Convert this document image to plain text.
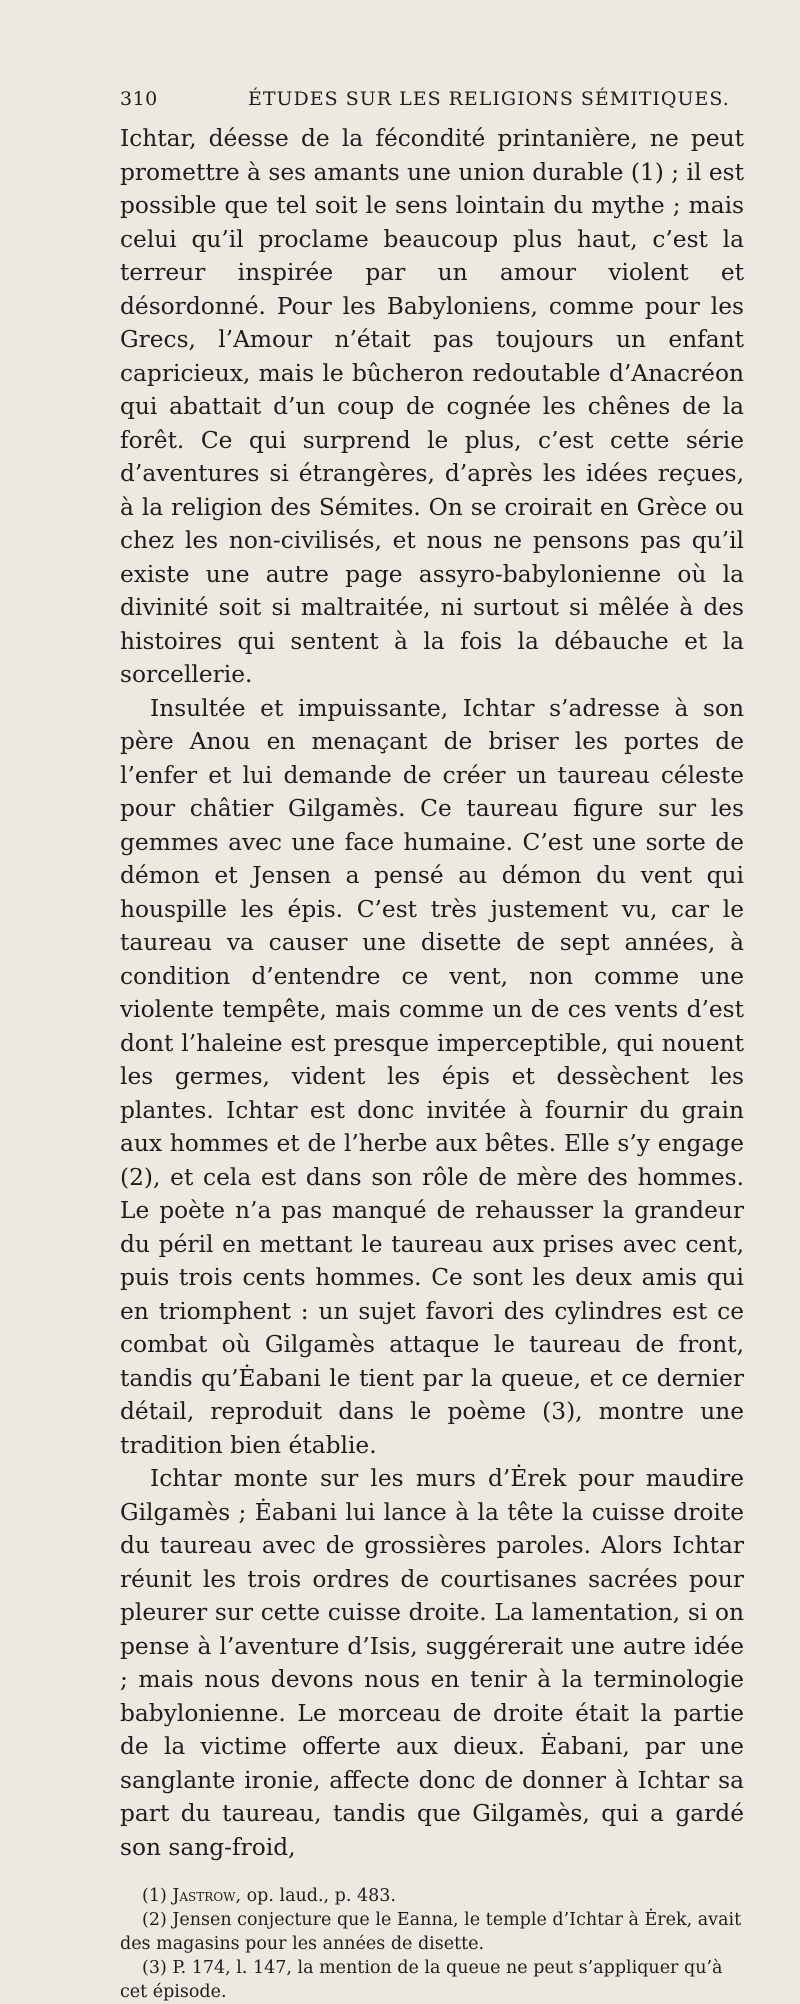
310	ÉTUDES SUR LES RELIGIONS SÉMITIQUES.

Ichtar, déesse de la fécondité printanière, ne peut promettre à ses amants une union durable (1) ; il est possible que tel soit le sens lointain du mythe ; mais celui qu’il proclame beaucoup plus haut, c’est la terreur inspirée par un amour violent et désordonné. Pour les Babyloniens, comme pour les Grecs, l’Amour n’était pas toujours un enfant capricieux, mais le bûcheron redoutable d’Anacréon qui abattait d’un coup de cognée les chênes de la forêt. Ce qui surprend le plus, c’est cette série d’aventures si étrangères, d’après les idées reçues, à la religion des Sémites. On se croirait en Grèce ou chez les non-civilisés, et nous ne pensons pas qu’il existe une autre page assyro-babylonienne où la divinité soit si maltraitée, ni surtout si mêlée à des histoires qui sentent à la fois la débauche et la sorcellerie.

Insultée et impuissante, Ichtar s’adresse à son père Anou en menaçant de briser les portes de l’enfer et lui demande de créer un taureau céleste pour châtier Gilgamès. Ce taureau figure sur les gemmes avec une face humaine. C’est une sorte de démon et Jensen a pensé au démon du vent qui houspille les épis. C’est très justement vu, car le taureau va causer une disette de sept années, à condition d’entendre ce vent, non comme une violente tempête, mais comme un de ces vents d’est dont l’haleine est presque imperceptible, qui nouent les germes, vident les épis et dessèchent les plantes. Ichtar est donc invitée à fournir du grain aux hommes et de l’herbe aux bêtes. Elle s’y engage (2), et cela est dans son rôle de mère des hommes. Le poète n’a pas manqué de rehausser la grandeur du péril en mettant le taureau aux prises avec cent, puis trois cents hommes. Ce sont les deux amis qui en triomphent : un sujet favori des cylindres est ce combat où Gilgamès attaque le taureau de front, tandis qu’Ėabani le tient par la queue, et ce dernier détail, reproduit dans le poème (3), montre une tradition bien établie.

Ichtar monte sur les murs d’Ėrek pour maudire Gilgamès ; Ėabani lui lance à la tête la cuisse droite du taureau avec de grossières paroles. Alors Ichtar réunit les trois ordres de courtisanes sacrées pour pleurer sur cette cuisse droite. La lamentation, si on pense à l’aventure d’Isis, suggérerait une autre idée ; mais nous devons nous en tenir à la terminologie babylonienne. Le morceau de droite était la partie de la victime offerte aux dieux. Ėabani, par une sanglante ironie, affecte donc de donner à Ichtar sa part du taureau, tandis que Gilgamès, qui a gardé son sang-froid,

(1) Jastrow, op. laud., p. 483.

(2) Jensen conjecture que le Eanna, le temple d’Ichtar à Ėrek, avait des magasins pour les années de disette.

(3) P. 174, l. 147, la mention de la queue ne peut s’appliquer qu’à cet épisode.
